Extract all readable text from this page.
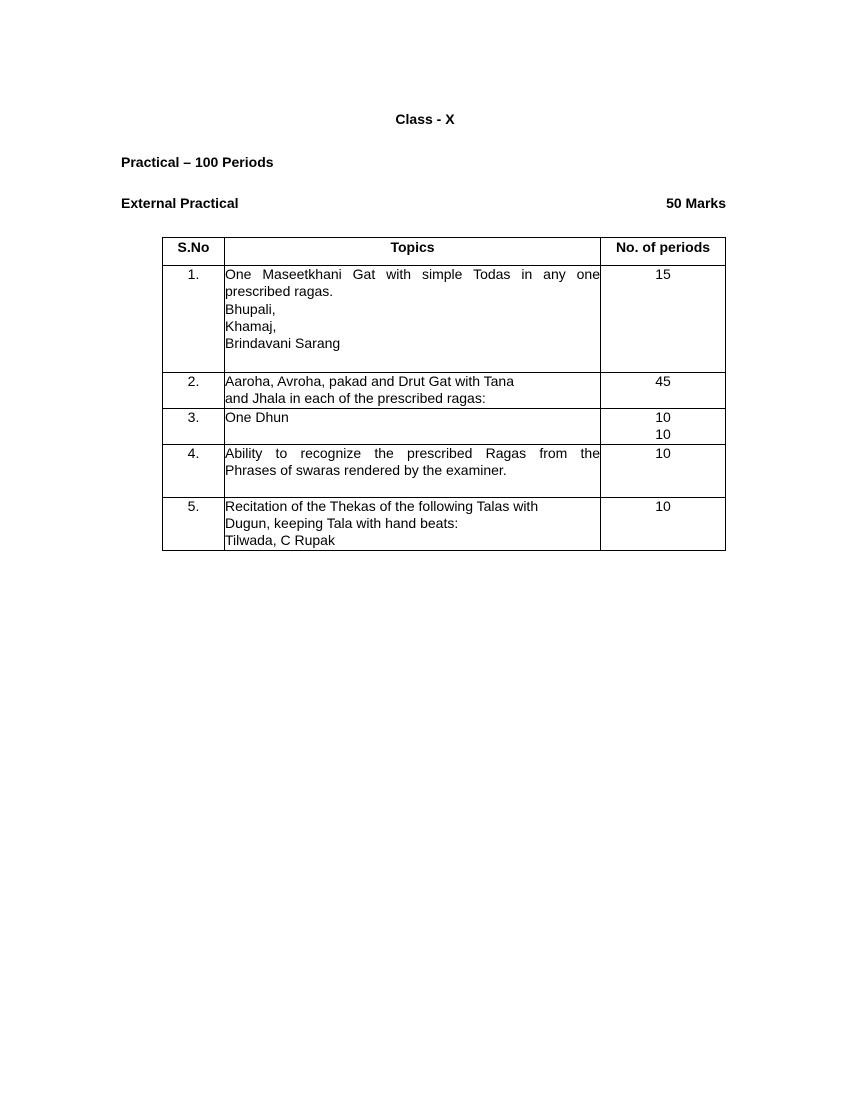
Class - X
Practical – 100 Periods
External Practical	50 Marks
S.No	Topics	No. of periods
1.	One Maseetkhani Gat with simple Todas in any one
prescribed ragas.
Bhupali,
Khamaj,
Brindavani Sarang	15

2.	Aaroha, Avroha, pakad and Drut Gat with Tana
and Jhala in each of the prescribed ragas:	45

3.	One Dhun	10
10

4.	Ability to recognize the prescribed Ragas from the
Phrases of swaras rendered by the examiner.	10

5.	Recitation of the Thekas of the following Talas with
Dugun, keeping Tala with hand beats:
Tilwada, C Rupak	10
